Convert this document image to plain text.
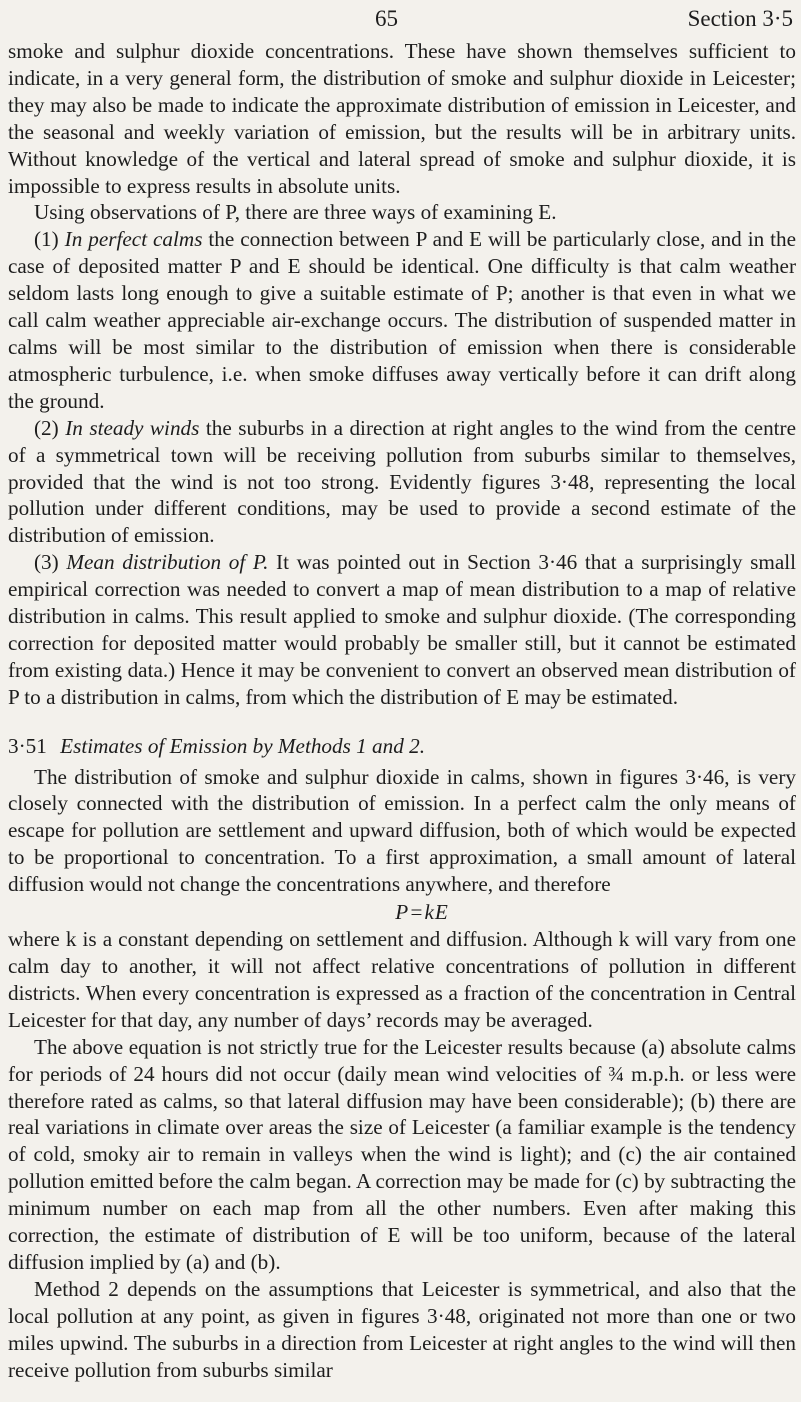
65	Section 3·5

smoke and sulphur dioxide concentrations. These have shown themselves sufficient to indicate, in a very general form, the distribution of smoke and sulphur dioxide in Leicester; they may also be made to indicate the approximate distribution of emission in Leicester, and the seasonal and weekly variation of emission, but the results will be in arbitrary units. Without knowledge of the vertical and lateral spread of smoke and sulphur dioxide, it is impossible to express results in absolute units.

Using observations of P, there are three ways of examining E.

(1) In perfect calms the connection between P and E will be particularly close, and in the case of deposited matter P and E should be identical. One difficulty is that calm weather seldom lasts long enough to give a suitable estimate of P; another is that even in what we call calm weather appreciable air-exchange occurs. The distribution of suspended matter in calms will be most similar to the distribution of emission when there is considerable atmospheric turbulence, i.e. when smoke diffuses away vertically before it can drift along the ground.

(2) In steady winds the suburbs in a direction at right angles to the wind from the centre of a symmetrical town will be receiving pollution from suburbs similar to themselves, provided that the wind is not too strong. Evidently figures 3·48, representing the local pollution under different conditions, may be used to provide a second estimate of the distribution of emission.

(3) Mean distribution of P. It was pointed out in Section 3·46 that a surprisingly small empirical correction was needed to convert a map of mean distribution to a map of relative distribution in calms. This result applied to smoke and sulphur dioxide. (The corresponding correction for deposited matter would probably be smaller still, but it cannot be estimated from existing data.) Hence it may be convenient to convert an observed mean distribution of P to a distribution in calms, from which the distribution of E may be estimated.

3·51 Estimates of Emission by Methods 1 and 2.

The distribution of smoke and sulphur dioxide in calms, shown in figures 3·46, is very closely connected with the distribution of emission. In a perfect calm the only means of escape for pollution are settlement and upward diffusion, both of which would be expected to be proportional to concentration. To a first approximation, a small amount of lateral diffusion would not change the concentrations anywhere, and therefore

P=kE

where k is a constant depending on settlement and diffusion. Although k will vary from one calm day to another, it will not affect relative concentrations of pollution in different districts. When every concentration is expressed as a fraction of the concentration in Central Leicester for that day, any number of days’ records may be averaged.

The above equation is not strictly true for the Leicester results because (a) absolute calms for periods of 24 hours did not occur (daily mean wind velocities of ¾ m.p.h. or less were therefore rated as calms, so that lateral diffusion may have been considerable); (b) there are real variations in climate over areas the size of Leicester (a familiar example is the tendency of cold, smoky air to remain in valleys when the wind is light); and (c) the air contained pollution emitted before the calm began. A correction may be made for (c) by subtracting the minimum number on each map from all the other numbers. Even after making this correction, the estimate of distribution of E will be too uniform, because of the lateral diffusion implied by (a) and (b).

Method 2 depends on the assumptions that Leicester is symmetrical, and also that the local pollution at any point, as given in figures 3·48, originated not more than one or two miles upwind. The suburbs in a direction from Leicester at right angles to the wind will then receive pollution from suburbs similar
